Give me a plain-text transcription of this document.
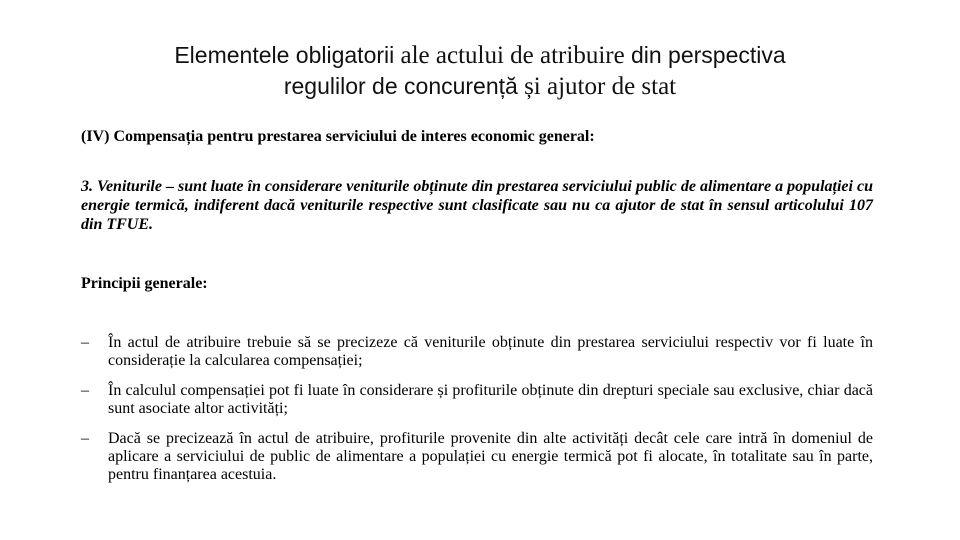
Elementele obligatorii ale actului de atribuire din perspectiva
regulilor de concurență și ajutor de stat
(IV) Compensația pentru prestarea serviciului de interes economic general:
3. Veniturile – sunt luate în considerare veniturile obținute din prestarea serviciului public de alimentare a populației cu energie termică, indiferent dacă veniturile respective sunt clasificate sau nu ca ajutor de stat în sensul articolului 107 din TFUE.
Principii generale:
– În actul de atribuire trebuie să se precizeze că veniturile obținute din prestarea serviciului respectiv vor fi luate în considerație la calcularea compensației;
– În calculul compensației pot fi luate în considerare și profiturile obținute din drepturi speciale sau exclusive, chiar dacă sunt asociate altor activități;
– Dacă se precizează în actul de atribuire, profiturile provenite din alte activități decât cele care intră în domeniul de aplicare a serviciului de public de alimentare a populației cu energie termică pot fi alocate, în totalitate sau în parte, pentru finanțarea acestuia.
